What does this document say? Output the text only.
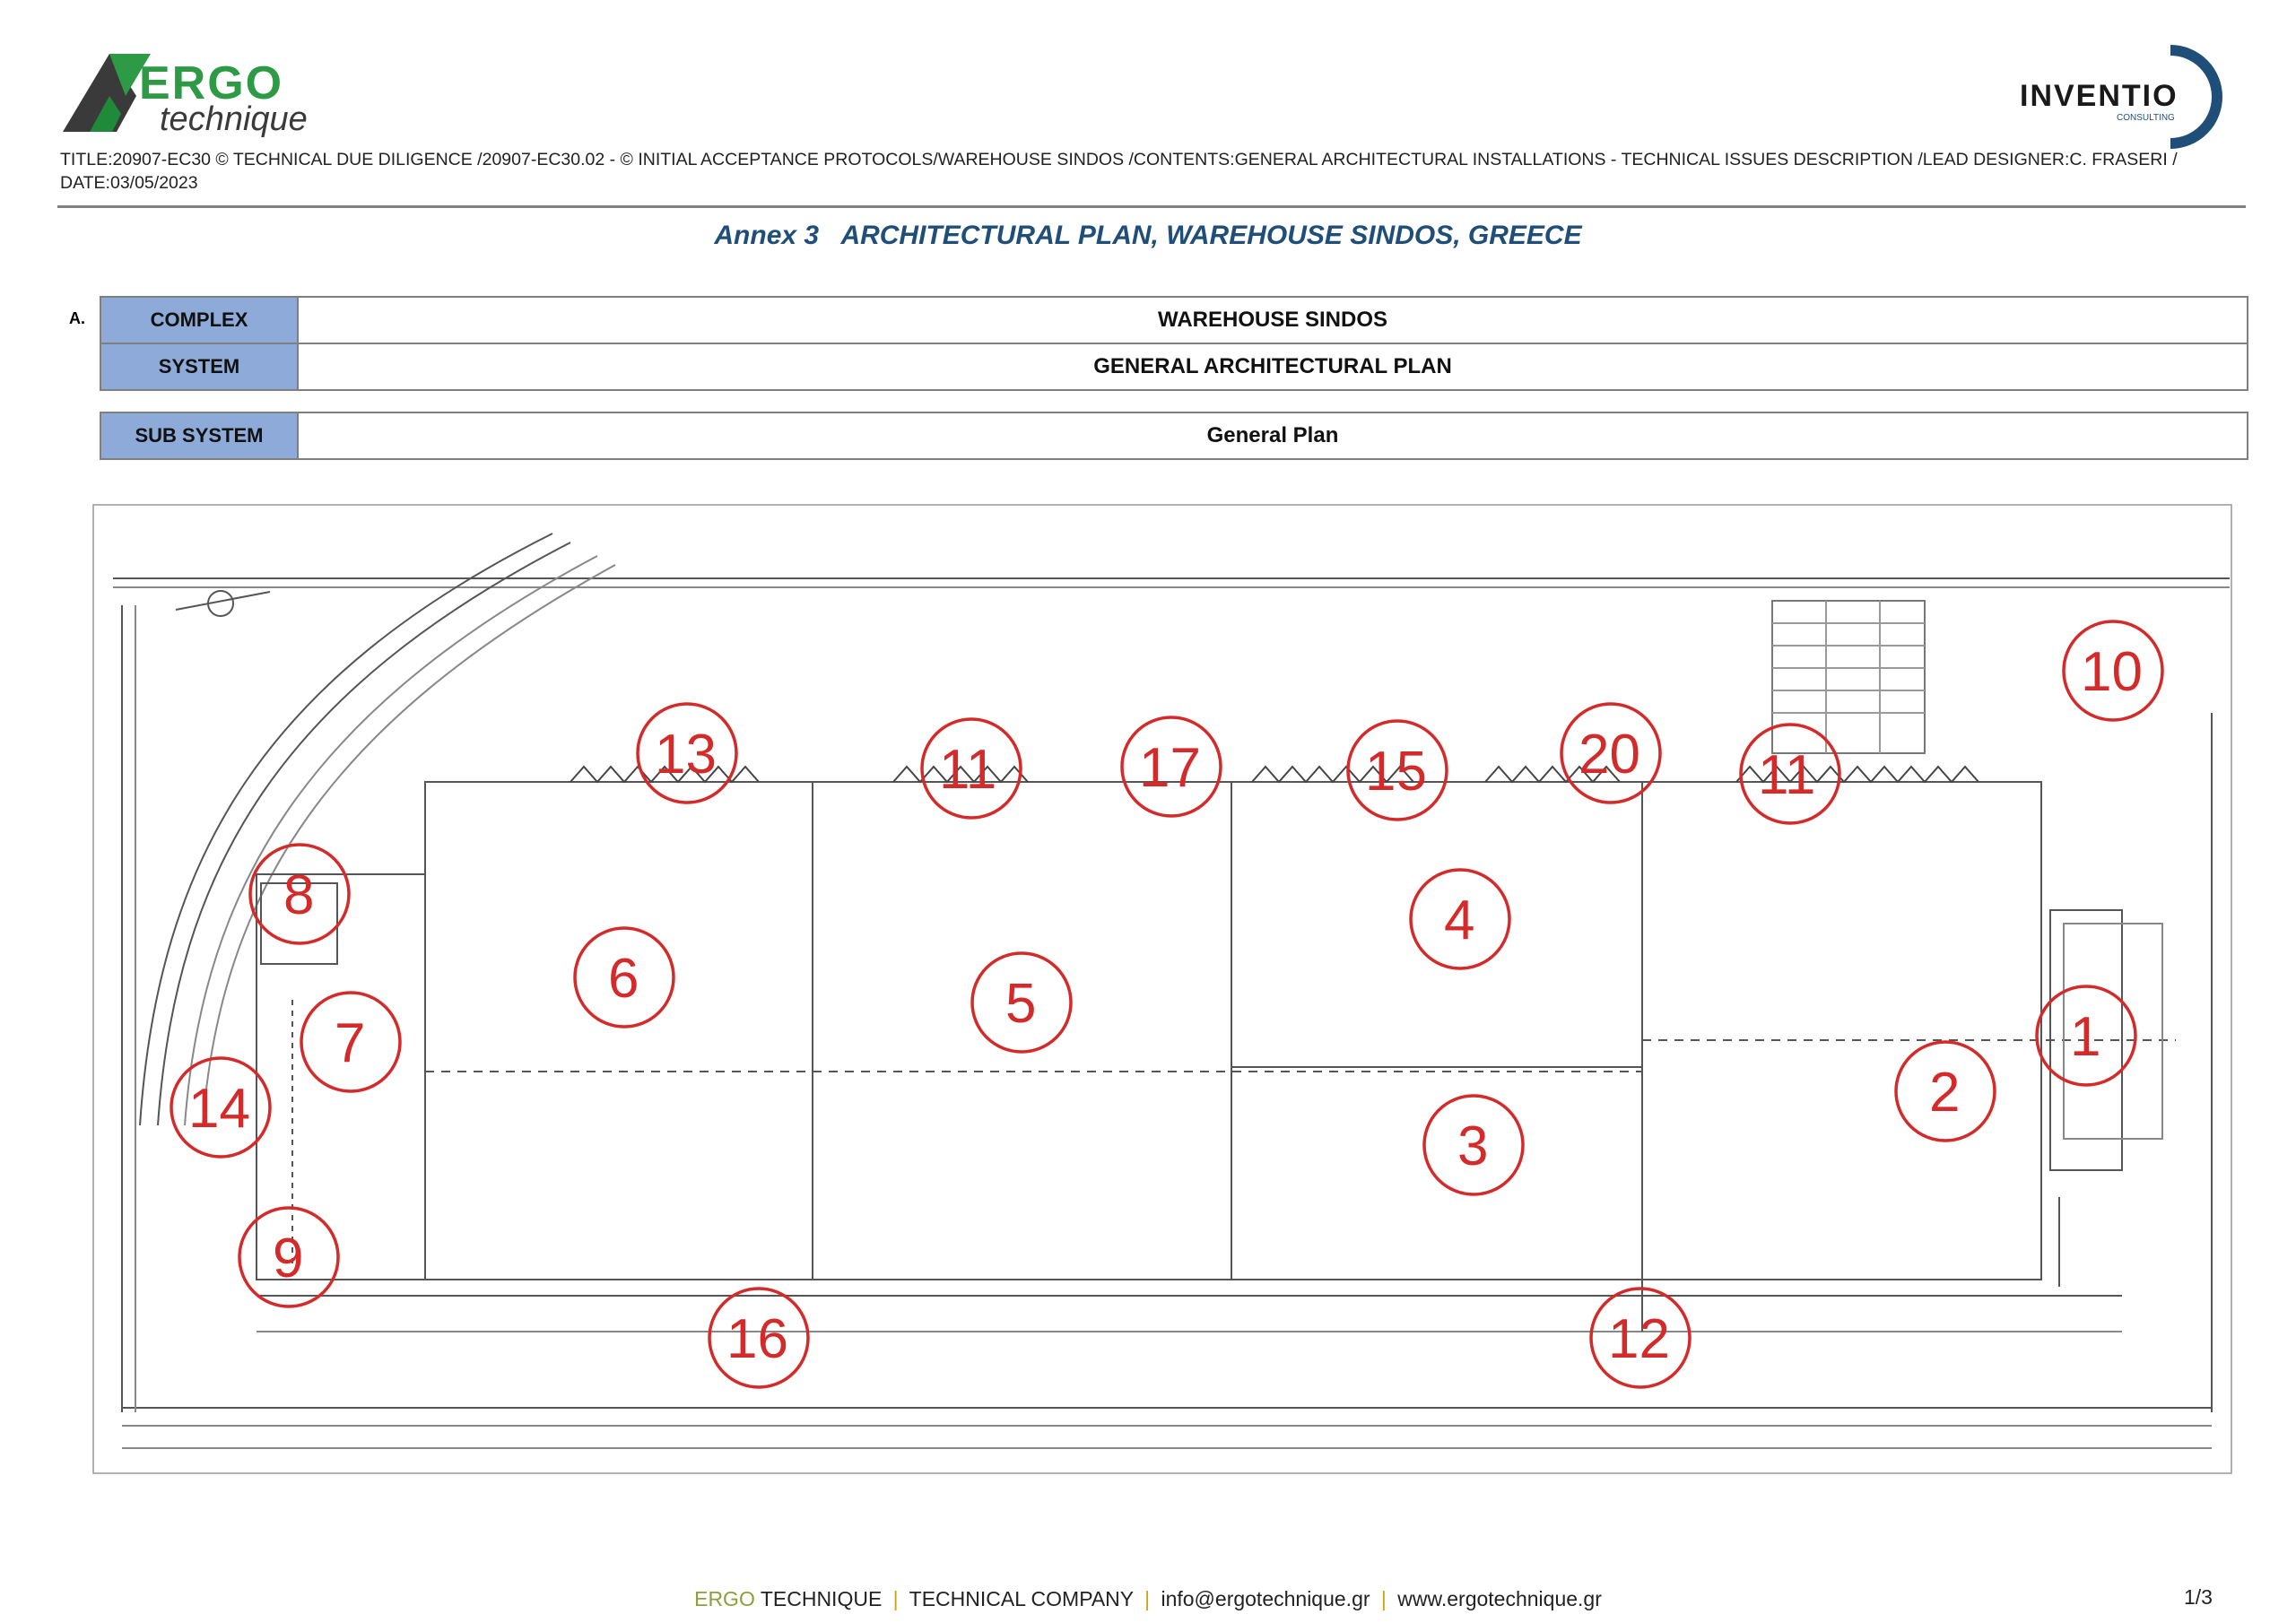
ERGO
technique
INVENTIO
CONSULTING
TITLE:20907-EC30 © TECHNICAL DUE DILIGENCE /20907-EC30.02 - © INITIAL ACCEPTANCE PROTOCOLS/WAREHOUSE SINDOS /CONTENTS:GENERAL ARCHITECTURAL INSTALLATIONS - TECHNICAL ISSUES DESCRIPTION /LEAD DESIGNER:C. FRASERI /
DATE:03/05/2023
Annex 3 ARCHITECTURAL PLAN, WAREHOUSE SINDOS, GREECE
A.	COMPLEX	WAREHOUSE SINDOS
SYSTEM	GENERAL ARCHITECTURAL PLAN
SUB SYSTEM	General Plan
1
2
3
4
5
6
7
8
9
10
11	11
12
13
14
15
16
17	20
ERGO TECHNIQUE | TECHNICAL COMPANY | info@ergotechnique.gr | www.ergotechnique.gr	1/3
